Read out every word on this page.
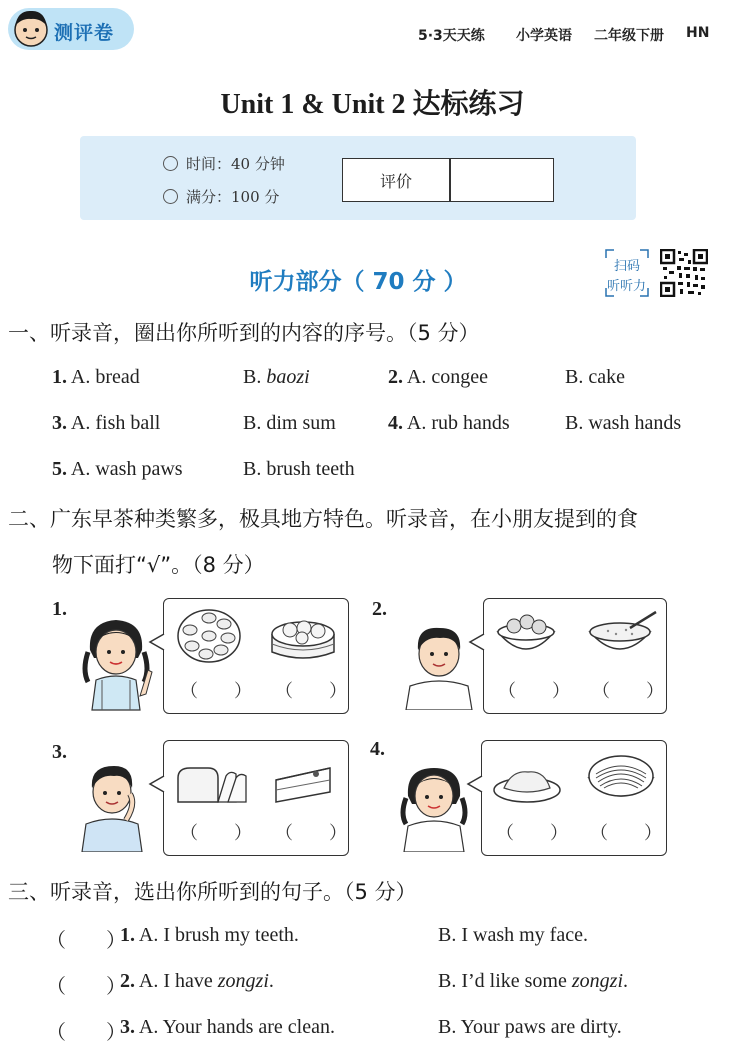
测评卷	5·3天天练 小学英语 二年级下册 HN
Unit 1 & Unit 2 达标练习
时间：40 分钟
满分：100 分
评价
听力部分（ 70 分 ）
扫码
听听力
一、听录音，圈出你所听到的内容的序号。（5 分）
1. A. bread	B. baozi	2. A. congee	B. cake
3. A. fish ball	B. dim sum	4. A. rub hands	B. wash hands
5. A. wash paws	B. brush teeth
二、广东早茶种类繁多，极具地方特色。听录音，在小朋友提到的食
物下面打“√”。（8 分）
1.
（　　） （　　）
2.
（　　） （　　）
3.
（　　） （　　）
4.
（　　） （　　）
三、听录音，选出你所听到的句子。（5 分）
（　　）
1. A. I brush my teeth.	B. I wash my face.
（　　）
2. A. I have zongzi.	B. I’d like some zongzi.
（　　）
3. A. Your hands are clean.	B. Your paws are dirty.
